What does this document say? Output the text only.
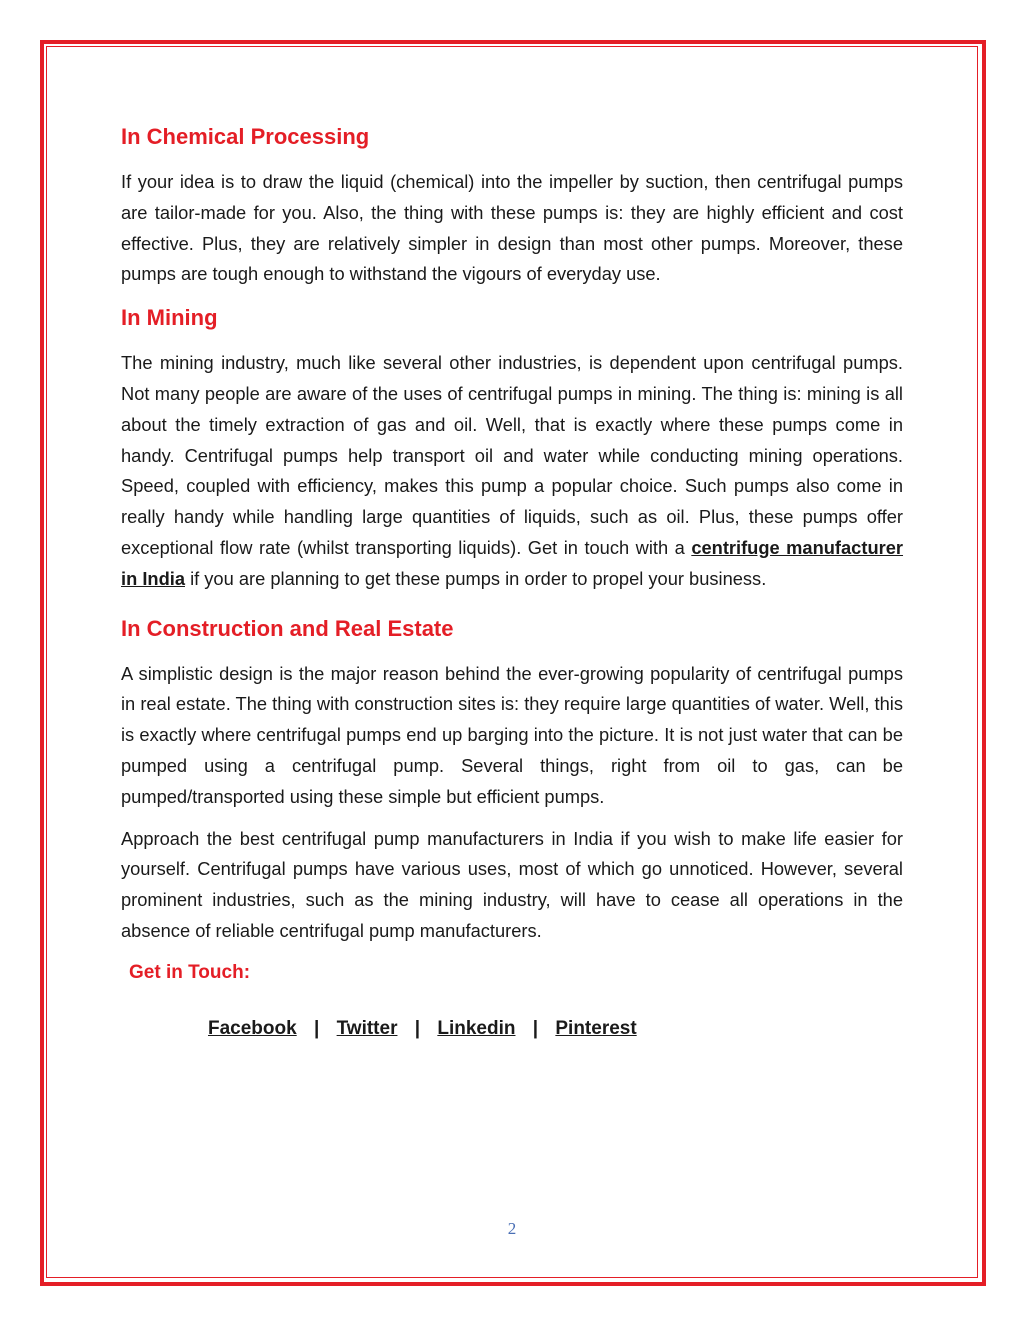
In Chemical Processing

If your idea is to draw the liquid (chemical) into the impeller by suction, then centrifugal pumps are tailor-made for you. Also, the thing with these pumps is: they are highly efficient and cost effective. Plus, they are relatively simpler in design than most other pumps. Moreover, these pumps are tough enough to withstand the vigours of everyday use.

In Mining

The mining industry, much like several other industries, is dependent upon centrifugal pumps. Not many people are aware of the uses of centrifugal pumps in mining. The thing is: mining is all about the timely extraction of gas and oil. Well, that is exactly where these pumps come in handy. Centrifugal pumps help transport oil and water while conducting mining operations. Speed, coupled with efficiency, makes this pump a popular choice. Such pumps also come in really handy while handling large quantities of liquids, such as oil. Plus, these pumps offer exceptional flow rate (whilst transporting liquids). Get in touch with a centrifuge manufacturer in India if you are planning to get these pumps in order to propel your business.

In Construction and Real Estate

A simplistic design is the major reason behind the ever-growing popularity of centrifugal pumps in real estate. The thing with construction sites is: they require large quantities of water. Well, this is exactly where centrifugal pumps end up barging into the picture. It is not just water that can be pumped using a centrifugal pump. Several things, right from oil to gas, can be pumped/transported using these simple but efficient pumps.

Approach the best centrifugal pump manufacturers in India if you wish to make life easier for yourself. Centrifugal pumps have various uses, most of which go unnoticed. However, several prominent industries, such as the mining industry, will have to cease all operations in the absence of reliable centrifugal pump manufacturers.

Get in Touch:
Facebook | Twitter | Linkedin | Pinterest
2
